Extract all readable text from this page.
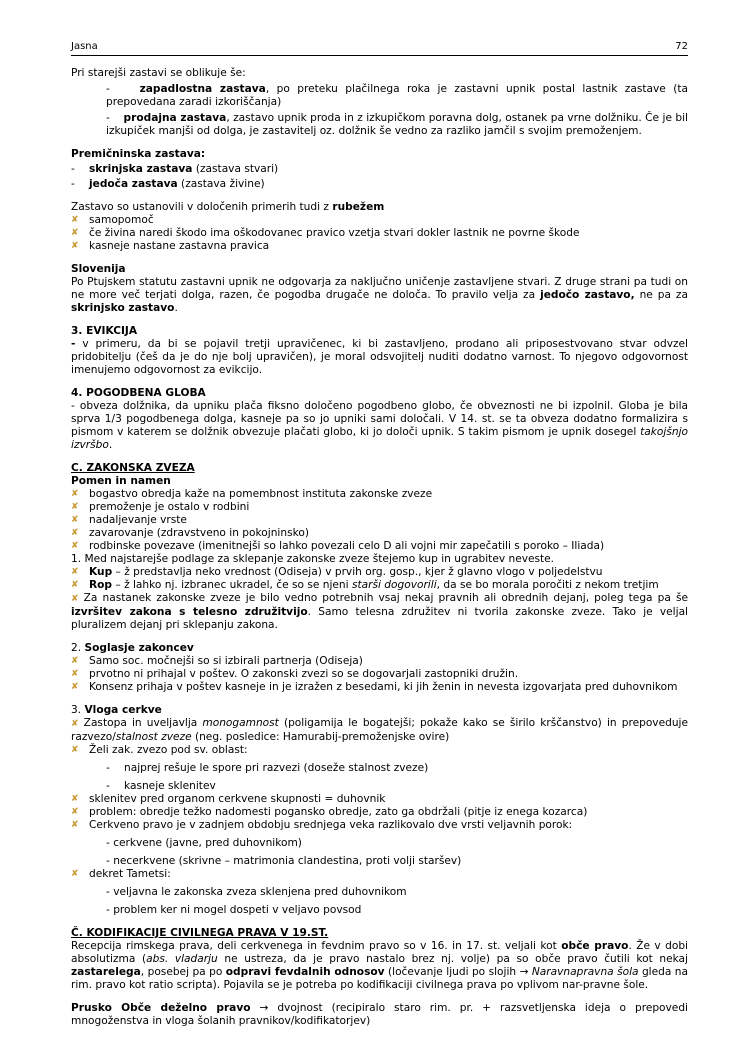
Jasna	72

Pri starejši zastavi se oblikuje še:

-    zapadlostna zastava, po preteku plačilnega roka je zastavni upnik postal lastnik zastave (ta prepovedana zaradi izkoriščanja)

-    prodajna zastava, zastavo upnik proda in z izkupičkom poravna dolg, ostanek pa vrne dolžniku. Če je bil izkupiček manjši od dolga, je zastavitelj oz. dolžnik še vedno za razliko jamčil s svojim premoženjem.

Premičninska zastava:

-	skrinjska zastava (zastava stvari)
-	jedoča zastava (zastava živine)

Zastavo so ustanovili v določenih primerih tudi z rubežem

✘ samopomoč
✘ če živina naredi škodo ima oškodovanec pravico vzetja stvari dokler lastnik ne povrne škode
✘ kasneje nastane zastavna pravica

Slovenija

Po Ptujskem statutu zastavni upnik ne odgovarja za naključno uničenje zastavljene stvari. Z druge strani pa tudi on ne more več terjati dolga, razen, če pogodba drugače ne določa. To pravilo velja za jedočo zastavo, ne pa za skrinjsko zastavo.

3. EVIKCIJA

- v primeru, da bi se pojavil tretji upravičenec, ki bi zastavljeno, prodano ali priposestvovano stvar odvzel pridobitelju (češ da je do nje bolj upravičen), je moral odsvojitelj nuditi dodatno varnost. To njegovo odgovornost imenujemo odgovornost za evikcijo.

4. POGODBENA GLOBA

- obveza dolžnika, da upniku plača fiksno določeno pogodbeno globo, če obveznosti ne bi izpolnil. Globa je bila sprva 1/3 pogodbenega dolga, kasneje pa so jo upniki sami določali. V 14. st. se ta obveza dodatno formalizira s pismom v katerem se dolžnik obvezuje plačati globo, ki jo določi upnik. S takim pismom je upnik dosegel takojšnjo izvršbo.

C. ZAKONSKA ZVEZA

Pomen in namen

✘ bogastvo obredja kaže na pomembnost instituta zakonske zveze
✘ premoženje je ostalo v rodbini
✘ nadaljevanje vrste
✘ zavarovanje (zdravstveno in pokojninsko)
✘ rodbinske povezave (imenitnejši so lahko povezali celo D ali vojni mir zapečatili s poroko – Iliada)

1. Med najstarejše podlage za sklepanje zakonske zveze štejemo kup in ugrabitev neveste.

✘ Kup – ž predstavlja neko vrednost (Odiseja) v prvih org. gosp., kjer ž glavno vlogo v poljedelstvu
✘ Rop – ž lahko nj. izbranec ukradel, če so se njeni starši dogovorili, da se bo morala poročiti z nekom tretjim

✘ Za nastanek zakonske zveze je bilo vedno potrebnih vsaj nekaj pravnih ali obrednih dejanj, poleg tega pa še izvršitev zakona s telesno združitvijo. Samo telesna združitev ni tvorila zakonske zveze. Tako je veljal pluralizem dejanj pri sklepanju zakona.

2. Soglasje zakoncev

✘ Samo soc. močnejši so si izbirali partnerja (Odiseja)
✘ prvotno ni prihajal v poštev. O zakonski zvezi so se dogovarjali zastopniki družin.
✘ Konsenz prihaja v poštev kasneje in je izražen z besedami, ki jih ženin in nevesta izgovarjata pred duhovnikom

3. Vloga cerkve

✘ Zastopa in uveljavlja monogamnost (poligamija le bogatejši; pokaže kako se širilo krščanstvo) in prepoveduje razvezo/stalnost zveze (neg. posledice: Hamurabij-premoženjske ovire)

✘ Želi zak. zvezo pod sv. oblast:
-	najprej rešuje le spore pri razvezi (doseže stalnost zveze)
-	kasneje sklenitev
✘ sklenitev pred organom cerkvene skupnosti = duhovnik
✘ problem: obredje težko nadomesti pogansko obredje, zato ga obdržali (pitje iz enega kozarca)
✘ Cerkveno pravo je v zadnjem obdobju srednjega veka razlikovalo dve vrsti veljavnih porok:
- cerkvene (javne, pred duhovnikom)
- necerkvene (skrivne – matrimonia clandestina, proti volji staršev)
✘ dekret Tametsi:
- veljavna le zakonska zveza sklenjena pred duhovnikom
- problem ker ni mogel dospeti v veljavo povsod

Č. KODIFIKACIJE CIVILNEGA PRAVA V 19.ST.

Recepcija rimskega prava, deli cerkvenega in fevdnim pravo so v 16. in 17. st. veljali kot obče pravo. Že v dobi absolutizma (abs. vladarju ne ustreza, da je pravo nastalo brez nj. volje) pa so obče pravo čutili kot nekaj zastarelega, posebej pa po odpravi fevdalnih odnosov (ločevanje ljudi po slojih → Naravnapravna šola gleda na rim. pravo kot ratio scripta). Pojavila se je potreba po kodifikaciji civilnega prava po vplivom nar-pravne šole.

Prusko Obče deželno pravo → dvojnost (recipiralo staro rim. pr. + razsvetljenska ideja o prepovedi mnogoženstva in vloga šolanih pravnikov/kodifikatorjev)
